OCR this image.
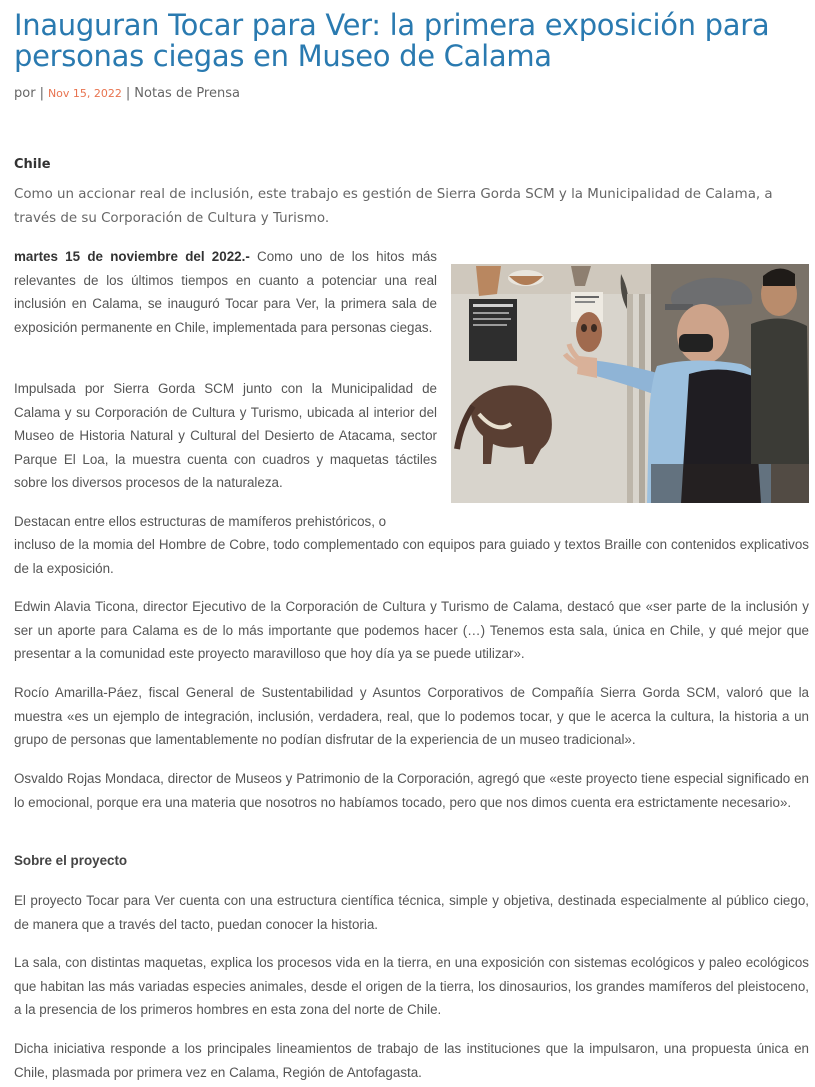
Inauguran Tocar para Ver: la primera exposición para personas ciegas en Museo de Calama
por | Nov 15, 2022 | Notas de Prensa
Chile
Como un accionar real de inclusión, este trabajo es gestión de Sierra Gorda SCM y la Municipalidad de Calama, a través de su Corporación de Cultura y Turismo.
martes 15 de noviembre del 2022.- Como uno de los hitos más relevantes de los últimos tiempos en cuanto a potenciar una real inclusión en Calama, se inauguró Tocar para Ver, la primera sala de exposición permanente en Chile, implementada para personas ciegas.
Impulsada por Sierra Gorda SCM junto con la Municipalidad de Calama y su Corporación de Cultura y Turismo, ubicada al interior del Museo de Historia Natural y Cultural del Desierto de Atacama, sector Parque El Loa, la muestra cuenta con cuadros y maquetas táctiles sobre los diversos procesos de la naturaleza.
Destacan entre ellos estructuras de mamíferos prehistóricos, o
incluso de la momia del Hombre de Cobre, todo complementado con equipos para guiado y textos Braille con contenidos explicativos de la exposición.
Edwin Alavia Ticona, director Ejecutivo de la Corporación de Cultura y Turismo de Calama, destacó que «ser parte de la inclusión y ser un aporte para Calama es de lo más importante que podemos hacer (…) Tenemos esta sala, única en Chile, y qué mejor que presentar a la comunidad este proyecto maravilloso que hoy día ya se puede utilizar».
Rocío Amarilla-Páez, fiscal General de Sustentabilidad y Asuntos Corporativos de Compañía Sierra Gorda SCM, valoró que la muestra «es un ejemplo de integración, inclusión, verdadera, real, que lo podemos tocar, y que le acerca la cultura, la historia a un grupo de personas que lamentablemente no podían disfrutar de la experiencia de un museo tradicional».
Osvaldo Rojas Mondaca, director de Museos y Patrimonio de la Corporación, agregó que «este proyecto tiene especial significado en lo emocional, porque era una materia que nosotros no habíamos tocado, pero que nos dimos cuenta era estrictamente necesario».
Sobre el proyecto
El proyecto Tocar para Ver cuenta con una estructura científica técnica, simple y objetiva, destinada especialmente al público ciego, de manera que a través del tacto, puedan conocer la historia.
La sala, con distintas maquetas, explica los procesos vida en la tierra, en una exposición con sistemas ecológicos y paleo ecológicos que habitan las más variadas especies animales, desde el origen de la tierra, los dinosaurios, los grandes mamíferos del pleistoceno, a la presencia de los primeros hombres en esta zona del norte de Chile.
Dicha iniciativa responde a los principales lineamientos de trabajo de las instituciones que la impulsaron, una propuesta única en Chile, plasmada por primera vez en Calama, Región de Antofagasta.
